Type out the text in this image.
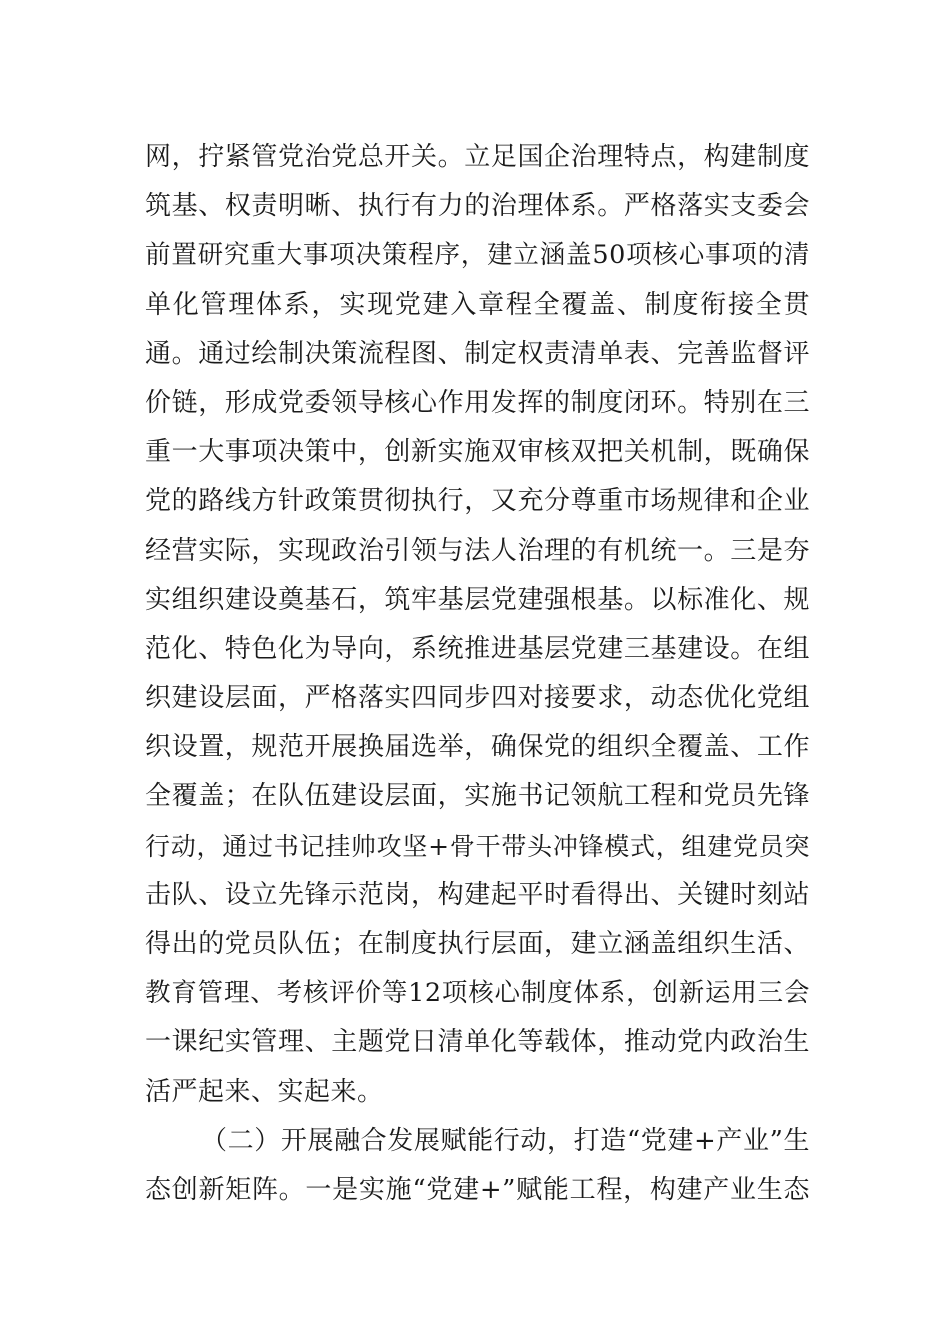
网，拧紧管党治党总开关。立足国企治理特点，构建制度
筑基、权责明晰、执行有力的治理体系。严格落实支委会
前置研究重大事项决策程序，建立涵盖50项核心事项的清
单化管理体系，实现党建入章程全覆盖、制度衔接全贯
通。通过绘制决策流程图、制定权责清单表、完善监督评
价链，形成党委领导核心作用发挥的制度闭环。特别在三
重一大事项决策中，创新实施双审核双把关机制，既确保
党的路线方针政策贯彻执行，又充分尊重市场规律和企业
经营实际，实现政治引领与法人治理的有机统一。三是夯
实组织建设奠基石，筑牢基层党建强根基。以标准化、规
范化、特色化为导向，系统推进基层党建三基建设。在组
织建设层面，严格落实四同步四对接要求，动态优化党组
织设置，规范开展换届选举，确保党的组织全覆盖、工作
全覆盖；在队伍建设层面，实施书记领航工程和党员先锋
行动，通过书记挂帅攻坚+骨干带头冲锋模式，组建党员突
击队、设立先锋示范岗，构建起平时看得出、关键时刻站
得出的党员队伍；在制度执行层面，建立涵盖组织生活、
教育管理、考核评价等12项核心制度体系，创新运用三会
一课纪实管理、主题党日清单化等载体，推动党内政治生
活严起来、实起来。
（二）开展融合发展赋能行动，打造“党建+产业”生
态创新矩阵。一是实施“党建+”赋能工程，构建产业生态
